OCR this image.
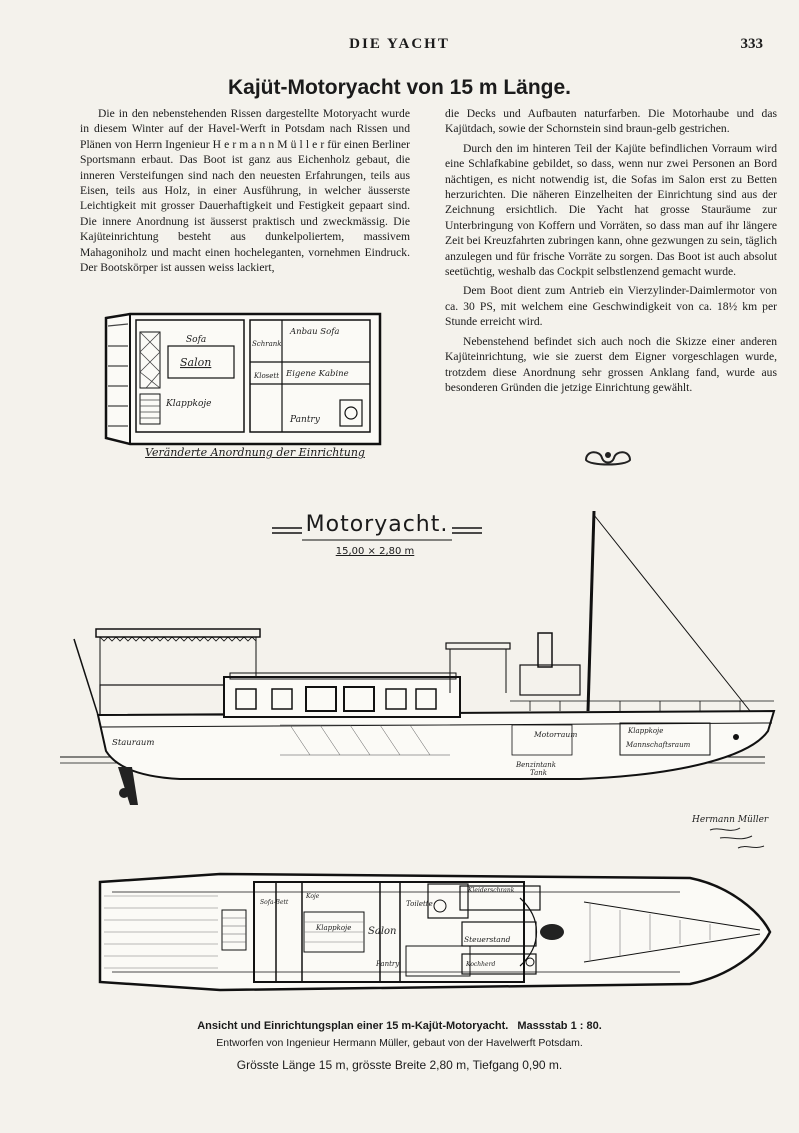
DIE YACHT	333
Kajüt-Motoryacht von 15 m Länge.

Die in den nebenstehenden Rissen dargestellte Motoryacht wurde in diesem Winter auf der Havel-Werft in Potsdam nach Rissen und Plänen von Herrn Ingenieur H e r m a n n M ü l l e r für einen Berliner Sportsmann erbaut. Das Boot ist ganz aus Eichenholz gebaut, die inneren Versteifungen sind nach den neuesten Erfahrungen, teils aus Eisen, teils aus Holz, in einer Ausführung, in welcher äusserste Leichtigkeit mit grosser Dauerhaftigkeit und Festigkeit gepaart sind. Die innere Anordnung ist äusserst praktisch und zweckmässig. Die Kajüteinrichtung besteht aus dunkelpoliertem, massivem Mahagoniholz und macht einen hocheleganten, vornehmen Eindruck. Der Bootskörper ist aussen weiss lackiert,

die Decks und Aufbauten naturfarben. Die Motorhaube und das Kajütdach, sowie der Schornstein sind braun-gelb gestrichen.

Durch den im hinteren Teil der Kajüte befindlichen Vorraum wird eine Schlafkabine gebildet, so dass, wenn nur zwei Personen an Bord nächtigen, es nicht notwendig ist, die Sofas im Salon erst zu Betten herzurichten. Die näheren Einzelheiten der Einrichtung sind aus der Zeichnung ersichtlich. Die Yacht hat grosse Stauräume zur Unterbringung von Koffern und Vorräten, so dass man auf ihr längere Zeit bei Kreuzfahrten zubringen kann, ohne gezwungen zu sein, täglich anzulegen und für frische Vorräte zu sorgen. Das Boot ist auch absolut seetüchtig, weshalb das Cockpit selbstlenzend gemacht wurde.

Dem Boot dient zum Antrieb ein Vierzylinder-Daimlermotor von ca. 30 PS, mit welchem eine Geschwindigkeit von ca. 18½ km per Stunde erreicht wird.

Nebenstehend befindet sich auch noch die Skizze einer anderen Kajüteinrichtung, wie sie zuerst dem Eigner vorgeschlagen wurde, trotzdem diese Anordnung sehr grossen Anklang fand, wurde aus besonderen Gründen die jetzige Einrichtung gewählt.

Sofa
Salon
Klappkoje
Anbau Sofa
Eigene Kabine
Klosett
Pantry
Schrank
Veränderte Anordnung der Einrichtung
Motoryacht.
15,00 × 2,80 m
Stauraum
Motorraum	Klappkoje
Mannschaftsraum
Benzintank
Tank
Hermann Müller
Sofa-Bett
Klappkoje Salon
Pantry
Toilette
Kleiderschrank
Steuerstand
Kochherd
Koje
Ansicht und Einrichtungsplan einer 15 m-Kajüt-Motoryacht. Massstab 1 : 80.
Entworfen von Ingenieur Hermann Müller, gebaut von der Havelwerft Potsdam.
Grösste Länge 15 m, grösste Breite 2,80 m, Tiefgang 0,90 m.
